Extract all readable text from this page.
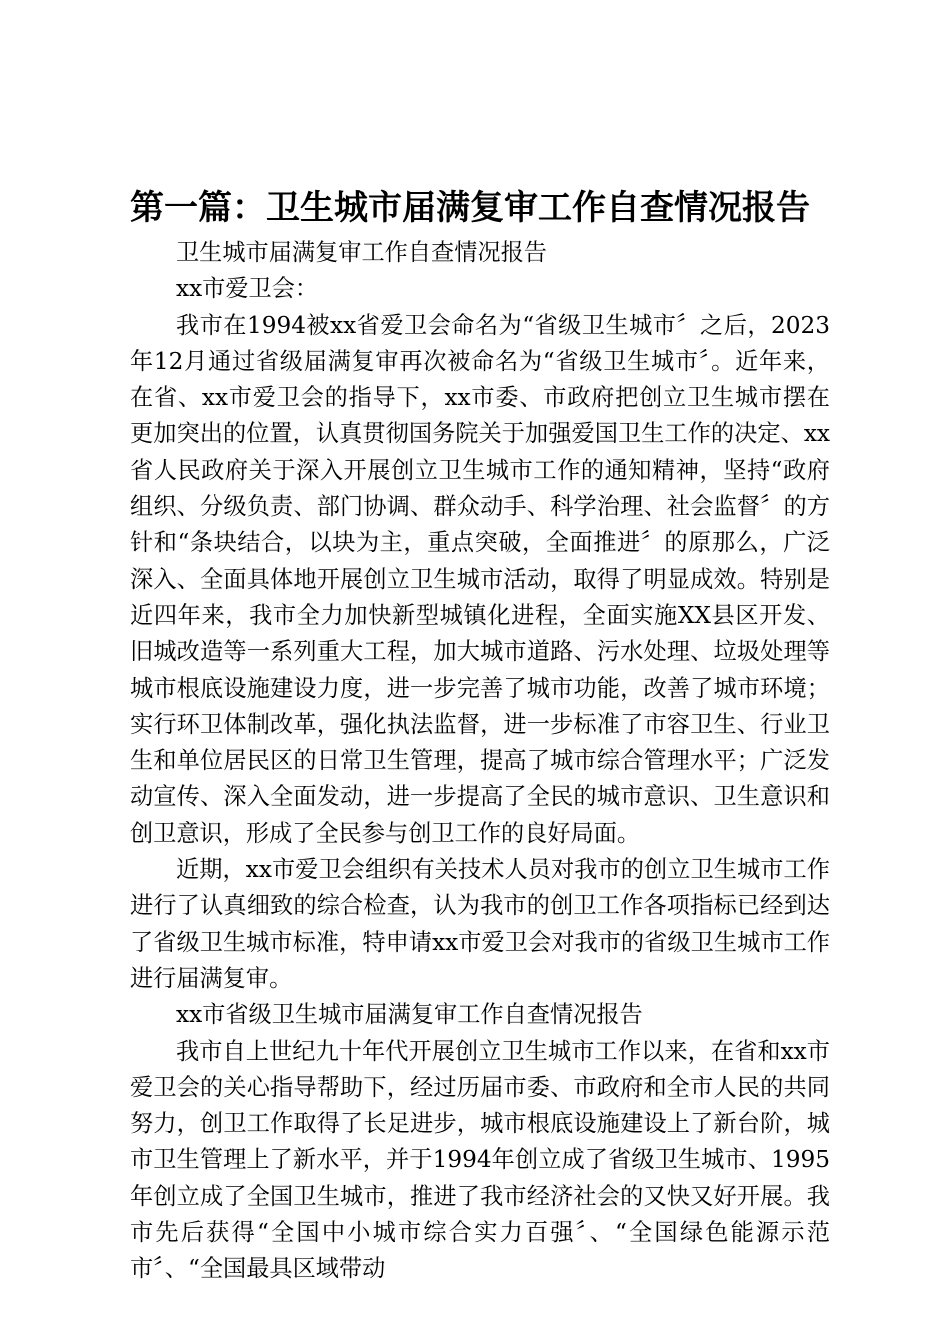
第一篇：卫生城市届满复审工作自查情况报告

卫生城市届满复审工作自查情况报告

xx市爱卫会：

我市在1994被xx省爱卫会命名为“省级卫生城市〞之后，2023年12月通过省级届满复审再次被命名为“省级卫生城市〞。近年来，在省、xx市爱卫会的指导下，xx市委、市政府把创立卫生城市摆在更加突出的位置，认真贯彻国务院关于加强爱国卫生工作的决定、xx省人民政府关于深入开展创立卫生城市工作的通知精神，坚持“政府组织、分级负责、部门协调、群众动手、科学治理、社会监督〞的方针和“条块结合，以块为主，重点突破，全面推进〞的原那么，广泛深入、全面具体地开展创立卫生城市活动，取得了明显成效。特别是近四年来，我市全力加快新型城镇化进程，全面实施XX县区开发、旧城改造等一系列重大工程，加大城市道路、污水处理、垃圾处理等城市根底设施建设力度，进一步完善了城市功能，改善了城市环境；实行环卫体制改革，强化执法监督，进一步标准了市容卫生、行业卫生和单位居民区的日常卫生管理，提高了城市综合管理水平；广泛发动宣传、深入全面发动，进一步提高了全民的城市意识、卫生意识和创卫意识，形成了全民参与创卫工作的良好局面。

近期，xx市爱卫会组织有关技术人员对我市的创立卫生城市工作进行了认真细致的综合检查，认为我市的创卫工作各项指标已经到达了省级卫生城市标准，特申请xx市爱卫会对我市的省级卫生城市工作进行届满复审。

xx市省级卫生城市届满复审工作自查情况报告

我市自上世纪九十年代开展创立卫生城市工作以来，在省和xx市爱卫会的关心指导帮助下，经过历届市委、市政府和全市人民的共同努力，创卫工作取得了长足进步，城市根底设施建设上了新台阶，城市卫生管理上了新水平，并于1994年创立成了省级卫生城市、1995年创立成了全国卫生城市，推进了我市经济社会的又快又好开展。我市先后获得“全国中小城市综合实力百强〞、“全国绿色能源示范市〞、“全国最具区域带动
